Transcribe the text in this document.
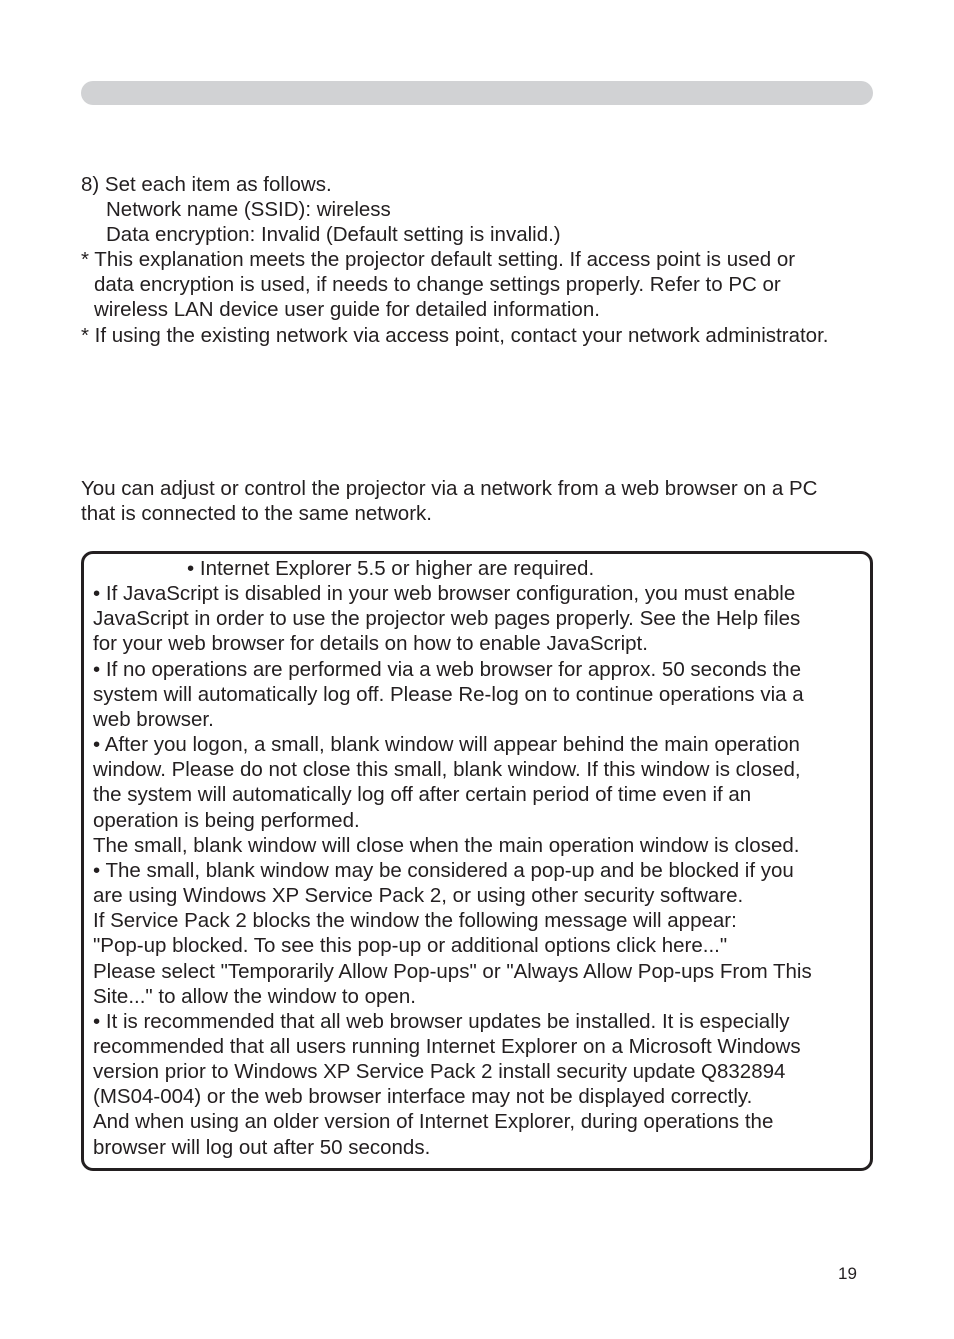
8) Set each item as follows.
Network name (SSID): wireless
Data encryption: Invalid (Default setting is invalid.)
* This explanation meets the projector default setting. If access point is used or
data encryption is used, if needs to change settings properly. Refer to PC or
wireless LAN device user guide for detailed information.
* If using the existing network via access point, contact your network administrator.
You can adjust or control the projector via a network from a web browser on a PC
that is connected to the same network.
• Internet Explorer 5.5 or higher are required.
• If JavaScript is disabled in your web browser configuration, you must enable
JavaScript in order to use the projector web pages properly. See the Help files
for your web browser for details on how to enable JavaScript.
• If no operations are performed via a web browser for approx. 50 seconds the
system will automatically log off. Please Re-log on to continue operations via a
web browser.
• After you logon, a small, blank window will appear behind the main operation
window. Please do not close this small, blank window. If this window is closed,
the system will automatically log off after certain period of time even if an
operation is being performed.
The small, blank window will close when the main operation window is closed.
• The small, blank window may be considered a pop-up and be blocked if you
are using Windows XP Service Pack 2, or using other security software.
If Service Pack 2 blocks the window the following message will appear:
"Pop-up blocked. To see this pop-up or additional options click here..."
Please select "Temporarily Allow Pop-ups" or "Always Allow Pop-ups From This
Site..." to allow the window to open.
• It is recommended that all web browser updates be installed. It is especially
recommended that all users running Internet Explorer on a Microsoft Windows
version prior to Windows XP Service Pack 2 install security update Q832894
(MS04-004) or the web browser interface may not be displayed correctly.
And when using an older version of Internet Explorer, during operations the
browser will log out after 50 seconds.
19
